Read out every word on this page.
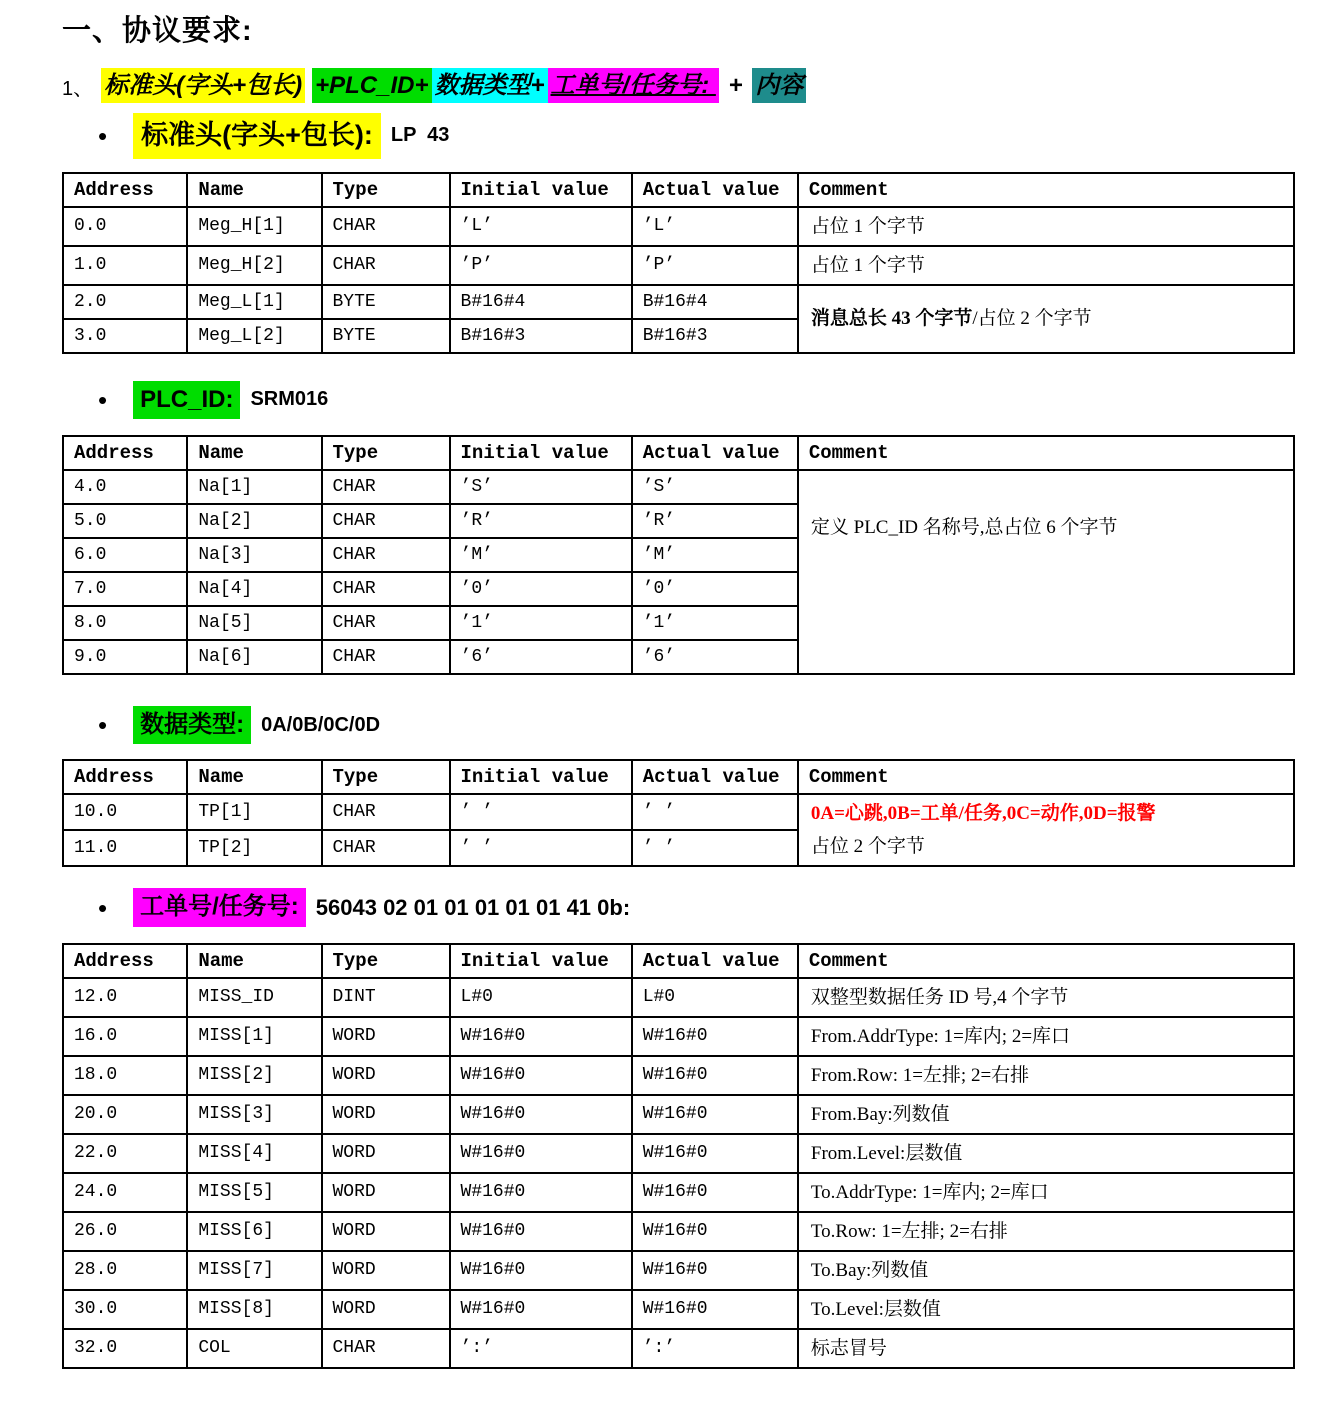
一、协议要求:
1、 标准头(字头+包长) +PLC_ID+ 数据类型+ 工单号/任务号:  + 内容
• 标准头(字头+包长): LP  43
Address	Name	Type	Initial value	Actual value	Comment
0.0	Meg_H[1]	CHAR	’L’	’L’	占位 1 个字节
1.0	Meg_H[2]	CHAR	’P’	’P’	占位 1 个字节
2.0	Meg_L[1]	BYTE	B#16#4	B#16#4	消息总长 43 个字节/占位 2 个字节
3.0	Meg_L[2]	BYTE	B#16#3	B#16#3	
• PLC_ID: SRM016
Address	Name	Type	Initial value	Actual value	Comment
4.0	Na[1]	CHAR	’S’	’S’	定义 PLC_ID 名称号,总占位 6 个字节
5.0	Na[2]	CHAR	’R’	’R’	
6.0	Na[3]	CHAR	’M’	’M’	
7.0	Na[4]	CHAR	’0’	’0’	
8.0	Na[5]	CHAR	’1’	’1’	
9.0	Na[6]	CHAR	’6’	’6’	
• 数据类型: 0A/0B/0C/0D
Address	Name	Type	Initial value	Actual value	Comment
10.0	TP[1]	CHAR	’ ’	’ ’	0A=心跳,0B=工单/任务,0C=动作,0D=报警
占位 2 个字节

11.0	TP[2]	CHAR	’ ’	’ ’	
• 工单号/任务号: 56043 02 01 01 01 01 01 41 0b:
Address	Name	Type	Initial value	Actual value	Comment
12.0	MISS_ID	DINT	L#0	L#0	双整型数据任务 ID 号,4 个字节
16.0	MISS[1]	WORD	W#16#0	W#16#0	From.AddrType: 1=库内; 2=库口
18.0	MISS[2]	WORD	W#16#0	W#16#0	From.Row: 1=左排; 2=右排
20.0	MISS[3]	WORD	W#16#0	W#16#0	From.Bay:列数值
22.0	MISS[4]	WORD	W#16#0	W#16#0	From.Level:层数值
24.0	MISS[5]	WORD	W#16#0	W#16#0	To.AddrType: 1=库内; 2=库口
26.0	MISS[6]	WORD	W#16#0	W#16#0	To.Row: 1=左排; 2=右排
28.0	MISS[7]	WORD	W#16#0	W#16#0	To.Bay:列数值
30.0	MISS[8]	WORD	W#16#0	W#16#0	To.Level:层数值
32.0	COL	CHAR	’:’	’:’	标志冒号
